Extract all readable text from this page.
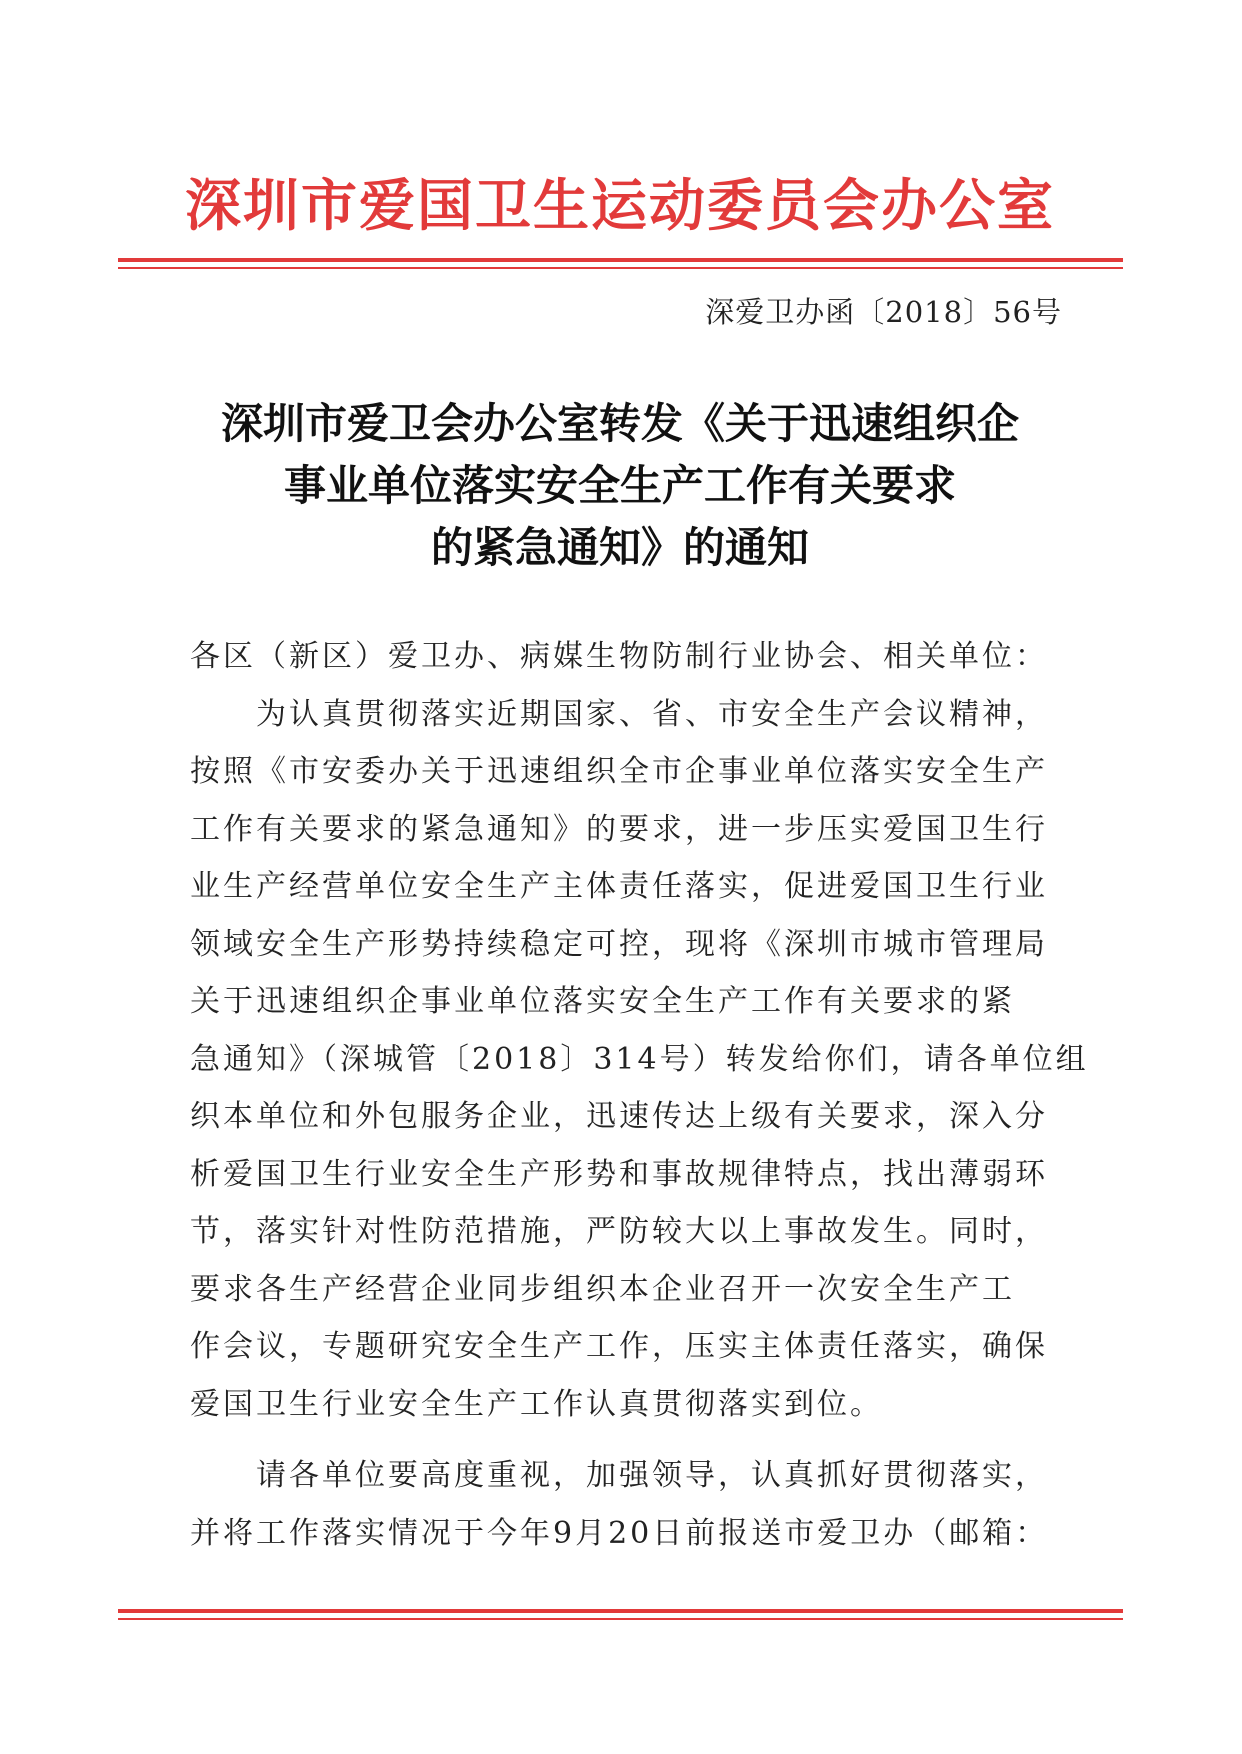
深圳市爱国卫生运动委员会办公室
深爱卫办函〔2018〕56号
深圳市爱卫会办公室转发《关于迅速组织企
事业单位落实安全生产工作有关要求
的紧急通知》的通知
各区（新区）爱卫办、病媒生物防制行业协会、相关单位：
　　为认真贯彻落实近期国家、省、市安全生产会议精神，
按照《市安委办关于迅速组织全市企事业单位落实安全生产
工作有关要求的紧急通知》的要求，进一步压实爱国卫生行
业生产经营单位安全生产主体责任落实，促进爱国卫生行业
领域安全生产形势持续稳定可控，现将《深圳市城市管理局
关于迅速组织企事业单位落实安全生产工作有关要求的紧
急通知》（深城管〔2018〕314号）转发给你们，请各单位组
织本单位和外包服务企业，迅速传达上级有关要求，深入分
析爱国卫生行业安全生产形势和事故规律特点，找出薄弱环
节，落实针对性防范措施，严防较大以上事故发生。同时，
要求各生产经营企业同步组织本企业召开一次安全生产工
作会议，专题研究安全生产工作，压实主体责任落实，确保
爱国卫生行业安全生产工作认真贯彻落实到位。
　　请各单位要高度重视，加强领导，认真抓好贯彻落实，
并将工作落实情况于今年9月20日前报送市爱卫办（邮箱：
